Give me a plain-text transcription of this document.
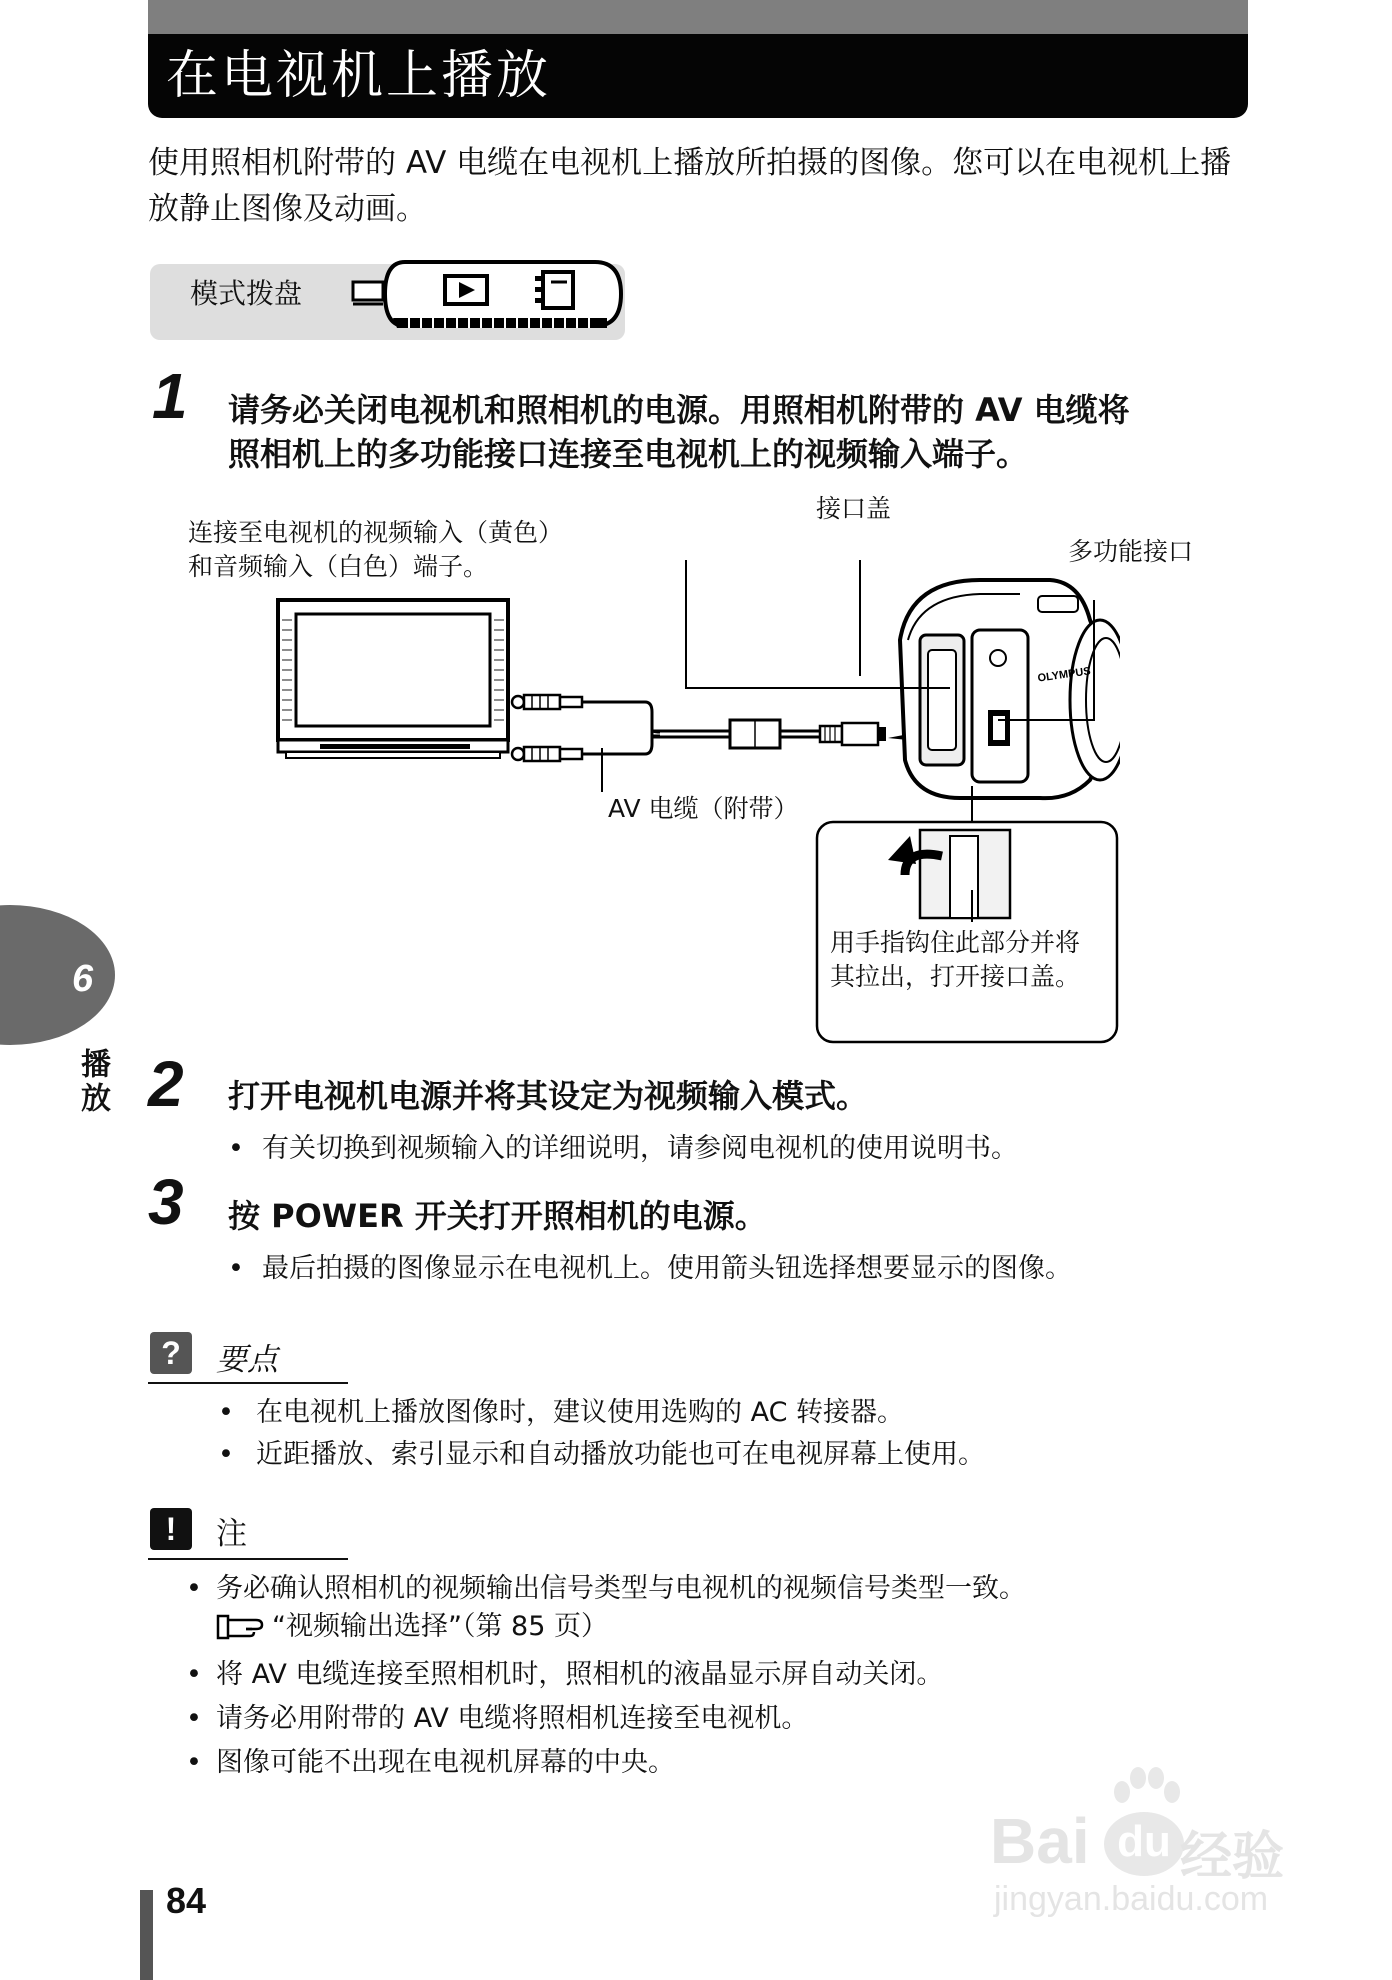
在电视机上播放
使用照相机附带的 AV 电缆在电视机上播放所拍摄的图像。您可以在电视机上播放静止图像及动画。
模式拨盘
1 请务必关闭电视机和照相机的电源。用照相机附带的 AV 电缆将
照相机上的多功能接口连接至电视机上的视频输入端子。
连接至电视机的视频输入（黄色）
和音频输入（白色）端子。
接口盖
多功能接口
AV 电缆（附带）
OLYMPUS
用手指钩住此部分并将
其拉出，打开接口盖。
6
播放 2 打开电视机电源并将其设定为视频输入模式。
• 有关切换到视频输入的详细说明，请参阅电视机的使用说明书。
3 按 POWER 开关打开照相机的电源。
• 最后拍摄的图像显示在电视机上。使用箭头钮选择想要显示的图像。
?	要点
• 在电视机上播放图像时，建议使用选购的 AC 转接器。
• 近距播放、索引显示和自动播放功能也可在电视屏幕上使用。
!	注
• 务必确认照相机的视频输出信号类型与电视机的视频信号类型一致。
“视频输出选择”（第 85 页）
• 将 AV 电缆连接至照相机时，照相机的液晶显示屏自动关闭。
• 请务必用附带的 AV 电缆将照相机连接至电视机。
• 图像可能不出现在电视机屏幕的中央。
84
Bai du 经验
jingyan.baidu.com
